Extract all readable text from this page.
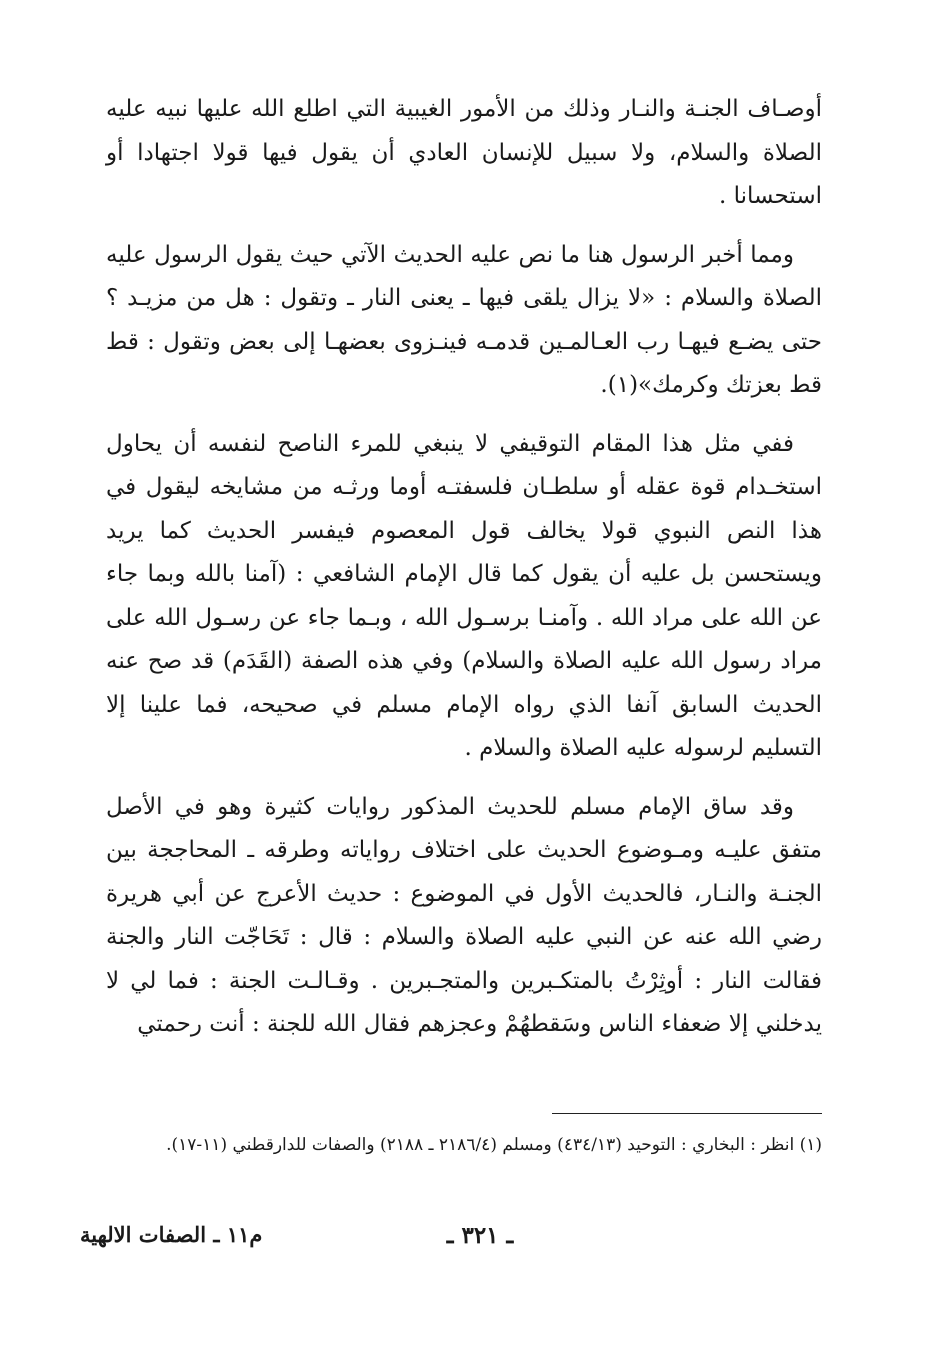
أوصـاف الجنـة والنـار وذلك من الأمور الغيبية التي اطلع الله عليها نبيه عليه الصلاة والسلام، ولا سبيل للإنسان العادي أن يقول فيها قولا اجتهادا أو استحسانا .

ومما أخبر الرسول هنا ما نص عليه الحديث الآتي حيث يقول الرسول عليه الصلاة والسلام : «لا يزال يلقى فيها ـ يعنى النار ـ وتقول : هل من مزيـد ؟ حتى يضـع فيهـا رب العـالمـين قدمـه فينـزوى بعضهـا إلى بعض وتقول : قط قط بعزتك وكرمك»(١).

ففي مثل هذا المقام التوقيفي لا ينبغي للمرء الناصح لنفسه أن يحاول استخـدام قوة عقله أو سلطـان فلسفتـه أوما ورثـه من مشايخه ليقول في هذا النص النبوي قولا يخالف قول المعصوم فيفسر الحديث كما يريد ويستحسن بل عليه أن يقول كما قال الإمام الشافعي : (آمنا بالله وبما جاء عن الله على مراد الله . وآمنـا برسـول الله ، وبـما جاء عن رسـول الله على مراد رسول الله عليه الصلاة والسلام) وفي هذه الصفة (القَدَم) قد صح عنه الحديث السابق آنفا الذي رواه الإمام مسلم في صحيحه، فما علينا إلا التسليم لرسوله عليه الصلاة والسلام .

وقد ساق الإمام مسلم للحديث المذكور روايات كثيرة وهو في الأصل متفق عليـه ومـوضوع الحديث على اختلاف رواياته وطرقه ـ المحاججة بين الجنـة والنـار، فالحديث الأول في الموضوع : حديث الأعرج عن أبي هريرة رضي الله عنه عن النبي عليه الصلاة والسلام : قال : تَحَاجّت النار والجنة فقالت النار : أوثِرْتُ بالمتكـبرين والمتجـبرين . وقـالـت الجنة : فما لي لا يدخلني إلا ضعفاء الناس وسَقطهُمْ وعجزهم فقال الله للجنة : أنت رحمتي

(١) انظر : البخاري : التوحيد (٤٣٤/١٣) ومسلم (٢١٨٦/٤ ـ ٢١٨٨) والصفات للدارقطني (١١-١٧).
م١١ ـ الصفات الالهية	ـ ٣٢١ ـ
